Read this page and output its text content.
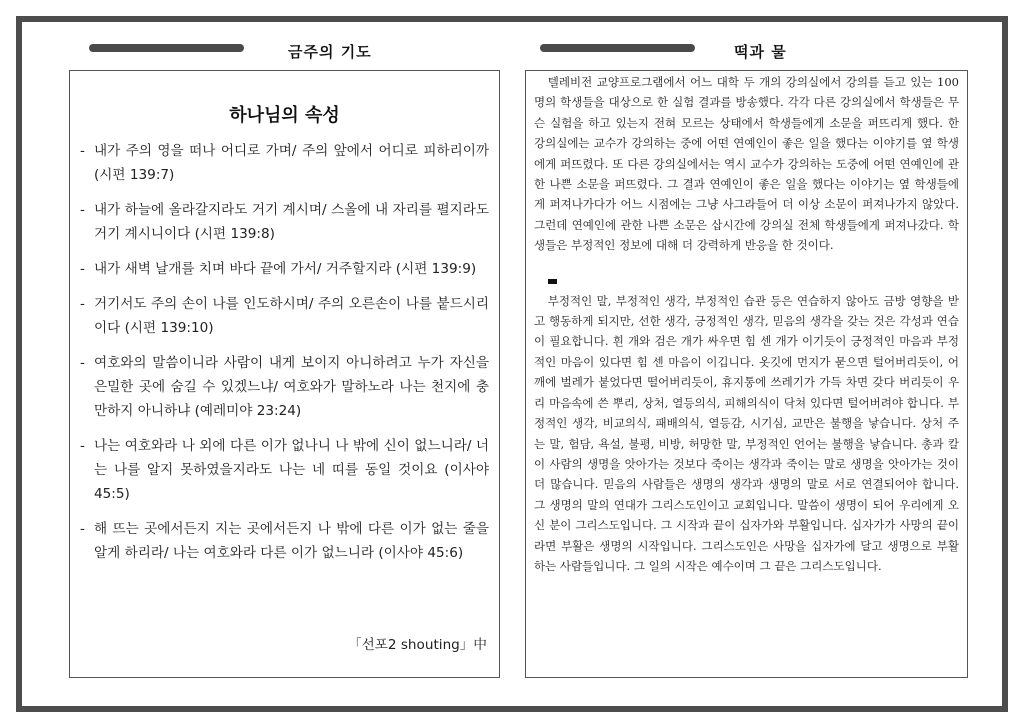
금주의 기도	떡과 물
하나님의 속성
- 내가 주의 영을 떠나 어디로 가며/ 주의 앞에서 어디로 피하리이까 (시편 139:7)
- 내가 하늘에 올라갈지라도 거기 계시며/ 스올에 내 자리를 펼지라도 거기 계시니이다 (시편 139:8)
- 내가 새벽 날개를 치며 바다 끝에 가서/ 거주할지라 (시편 139:9)
- 거기서도 주의 손이 나를 인도하시며/ 주의 오른손이 나를 붙드시리이다 (시편 139:10)
- 여호와의 말씀이니라 사람이 내게 보이지 아니하려고 누가 자신을 은밀한 곳에 숨길 수 있겠느냐/ 여호와가 말하노라 나는 천지에 충만하지 아니하냐 (예레미야 23:24)
- 나는 여호와라 나 외에 다른 이가 없나니 나 밖에 신이 없느니라/ 너는 나를 알지 못하였을지라도 나는 네 띠를 동일 것이요 (이사야 45:5)
- 해 뜨는 곳에서든지 지는 곳에서든지 나 밖에 다른 이가 없는 줄을 알게 하리라/ 나는 여호와라 다른 이가 없느니라 (이사야 45:6)
「선포2 shouting」中

텔레비전 교양프로그램에서 어느 대학 두 개의 강의실에서 강의를 듣고 있는 100명의 학생들을 대상으로 한 실험 결과를 방송했다. 각각 다른 강의실에서 학생들은 무슨 실험을 하고 있는지 전혀 모르는 상태에서 학생들에게 소문을 퍼뜨리게 했다. 한 강의실에는 교수가 강의하는 중에 어떤 연예인이 좋은 일을 했다는 이야기를 옆 학생에게 퍼뜨렸다. 또 다른 강의실에서는 역시 교수가 강의하는 도중에 어떤 연예인에 관한 나쁜 소문을 퍼뜨렸다. 그 결과 연예인이 좋은 일을 했다는 이야기는 옆 학생들에게 퍼져나가다가 어느 시점에는 그냥 사그라들어 더 이상 소문이 퍼져나가지 않았다. 그런데 연예인에 관한 나쁜 소문은 삽시간에 강의실 전체 학생들에게 퍼져나갔다. 학생들은 부정적인 정보에 대해 더 강력하게 반응을 한 것이다.

부정적인 말, 부정적인 생각, 부정적인 습관 등은 연습하지 않아도 금방 영향을 받고 행동하게 되지만, 선한 생각, 긍정적인 생각, 믿음의 생각을 갖는 것은 각성과 연습이 필요합니다. 흰 개와 검은 개가 싸우면 힘 센 개가 이기듯이 긍정적인 마음과 부정적인 마음이 있다면 힘 센 마음이 이깁니다. 옷깃에 먼지가 묻으면 털어버리듯이, 어깨에 벌레가 붙었다면 떨어버리듯이, 휴지통에 쓰레기가 가득 차면 갖다 버리듯이 우리 마음속에 쓴 뿌리, 상처, 열등의식, 피해의식이 닥쳐 있다면 털어버려야 합니다. 부정적인 생각, 비교의식, 패배의식, 열등감, 시기심, 교만은 불행을 낳습니다. 상처 주는 말, 험담, 욕설, 불평, 비방, 허망한 말, 부정적인 언어는 불행을 낳습니다. 총과 칼이 사람의 생명을 앗아가는 것보다 죽이는 생각과 죽이는 말로 생명을 앗아가는 것이 더 많습니다. 믿음의 사람들은 생명의 생각과 생명의 말로 서로 연결되어야 합니다. 그 생명의 말의 연대가 그리스도인이고 교회입니다. 말씀이 생명이 되어 우리에게 오신 분이 그리스도입니다. 그 시작과 끝이 십자가와 부활입니다. 십자가가 사망의 끝이라면 부활은 생명의 시작입니다. 그리스도인은 사망을 십자가에 달고 생명으로 부활하는 사람들입니다. 그 일의 시작은 예수이며 그 끝은 그리스도입니다.
